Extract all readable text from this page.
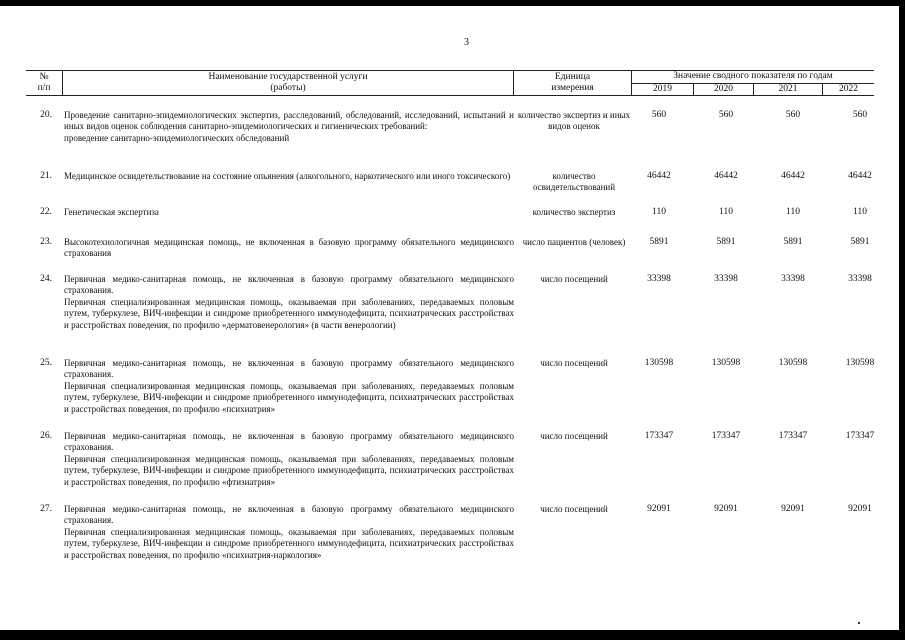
3
№
п/п
Наименование государственной услуги
(работы)
Единица
измерения
Значение сводного показателя по годам
2019	2020	2021	2022
20. Проведение санитарно-эпидемиологических экспертиз, расследований, обследований, исследований, испытаний и иных видов оценок соблюдения санитарно-эпидемиологических и гигиенических требований:

проведение санитарно-эпидемиологических обследований

количество экспертиз и иных видов оценок
560	560	560	560
21. Медицинское освидетельствование на состояние опьянения (алкогольного, наркотического или иного токсического)	количество освидетельствований
46442	46442	46442	46442
22. Генетическая экспертиза	количество экспертиз	110	110	110	110
23. Высокотехнологичная медицинская помощь, не включенная в базовую программу обязательного медицинского страхования

число пациентов (человек)	5891	5891	5891	5891
24. Первичная медико-санитарная помощь, не включенная в базовую программу обязательного медицинского страхования.

Первичная специализированная медицинская помощь, оказываемая при заболеваниях, передаваемых половым путем, туберкулезе, ВИЧ-инфекции и синдроме приобретенного иммунодефицита, психиатрических расстройствах и расстройствах поведения, по профилю «дерматовенерология» (в части венерологии)

число посещений	33398	33398	33398	33398
25. Первичная медико-санитарная помощь, не включенная в базовую программу обязательного медицинского страхования.

Первичная специализированная медицинская помощь, оказываемая при заболеваниях, передаваемых половым путем, туберкулезе, ВИЧ-инфекции и синдроме приобретенного иммунодефицита, психиатрических расстройствах и расстройствах поведения, по профилю «психиатрия»

число посещений	130598	130598	130598	130598
26. Первичная медико-санитарная помощь, не включенная в базовую программу обязательного медицинского страхования.

Первичная специализированная медицинская помощь, оказываемая при заболеваниях, передаваемых половым путем, туберкулезе, ВИЧ-инфекции и синдроме приобретенного иммунодефицита, психиатрических расстройствах и расстройствах поведения, по профилю «фтизиатрия»

число посещений	173347	173347	173347	173347
27. Первичная медико-санитарная помощь, не включенная в базовую программу обязательного медицинского страхования.

Первичная специализированная медицинская помощь, оказываемая при заболеваниях, передаваемых половым путем, туберкулезе, ВИЧ-инфекции и синдроме приобретенного иммунодефицита, психиатрических расстройствах и расстройствах поведения, по профилю «психиатрия-наркология»

число посещений	92091	92091	92091	92091
